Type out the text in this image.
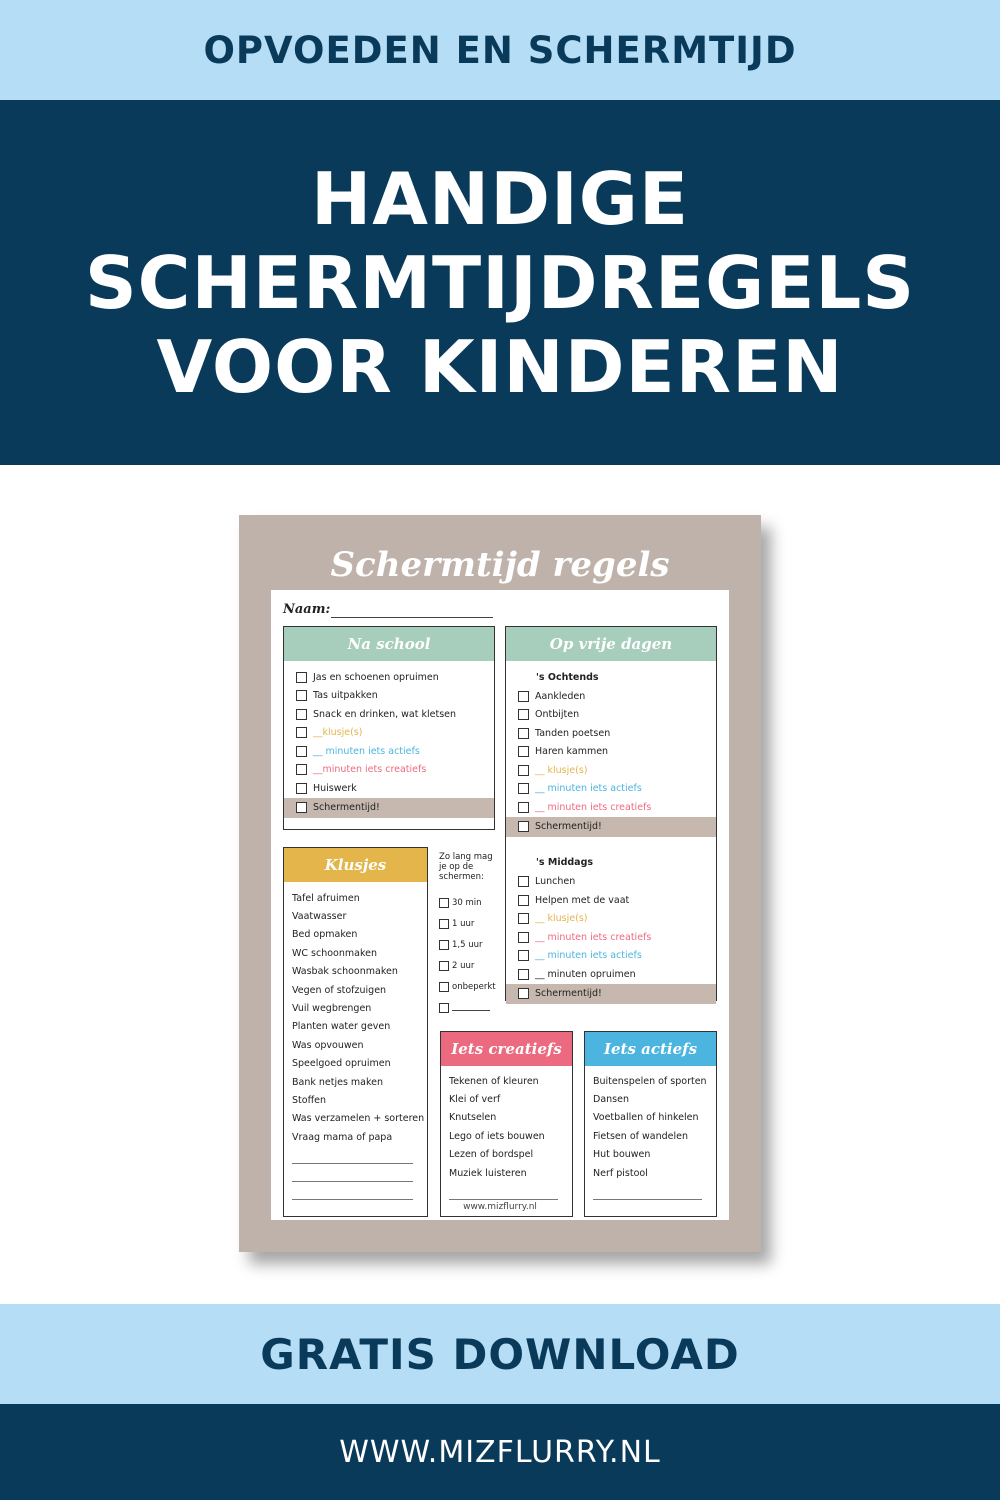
OPVOEDEN EN SCHERMTIJD
HANDIGE
SCHERMTIJDREGELS
VOOR KINDEREN
Schermtijd regels
Naam:
Na school
Jas en schoenen opruimen
Tas uitpakken
Snack en drinken, wat kletsen
__klusje(s)
__ minuten iets actiefs
__minuten iets creatiefs
Huiswerk
Schermentijd!
Op vrije dagen
's Ochtends
Aankleden
Ontbijten
Tanden poetsen
Haren kammen
__ klusje(s)
__ minuten iets actiefs
__ minuten iets creatiefs
Schermentijd!
's Middags
Lunchen
Helpen met de vaat
__ klusje(s)
__ minuten iets creatiefs
__ minuten iets actiefs
__ minuten opruimen
Schermentijd!
Klusjes
Tafel afruimen
Vaatwasser
Bed opmaken
WC schoonmaken
Wasbak schoonmaken
Vegen of stofzuigen
Vuil wegbrengen
Planten water geven
Was opvouwen
Speelgoed opruimen
Bank netjes maken
Stoffen
Was verzamelen + sorteren
Vraag mama of papa
Zo lang mag je op de schermen:
30 min
1 uur
1,5 uur
2 uur
onbeperkt
Iets creatiefs
Tekenen of kleuren
Klei of verf
Knutselen
Lego of iets bouwen
Lezen of bordspel
Muziek luisteren
Iets actiefs
Buitenspelen of sporten
Dansen
Voetballen of hinkelen
Fietsen of wandelen
Hut bouwen
Nerf pistool
www.mizflurry.nl
GRATIS DOWNLOAD
WWW.MIZFLURRY.NL
